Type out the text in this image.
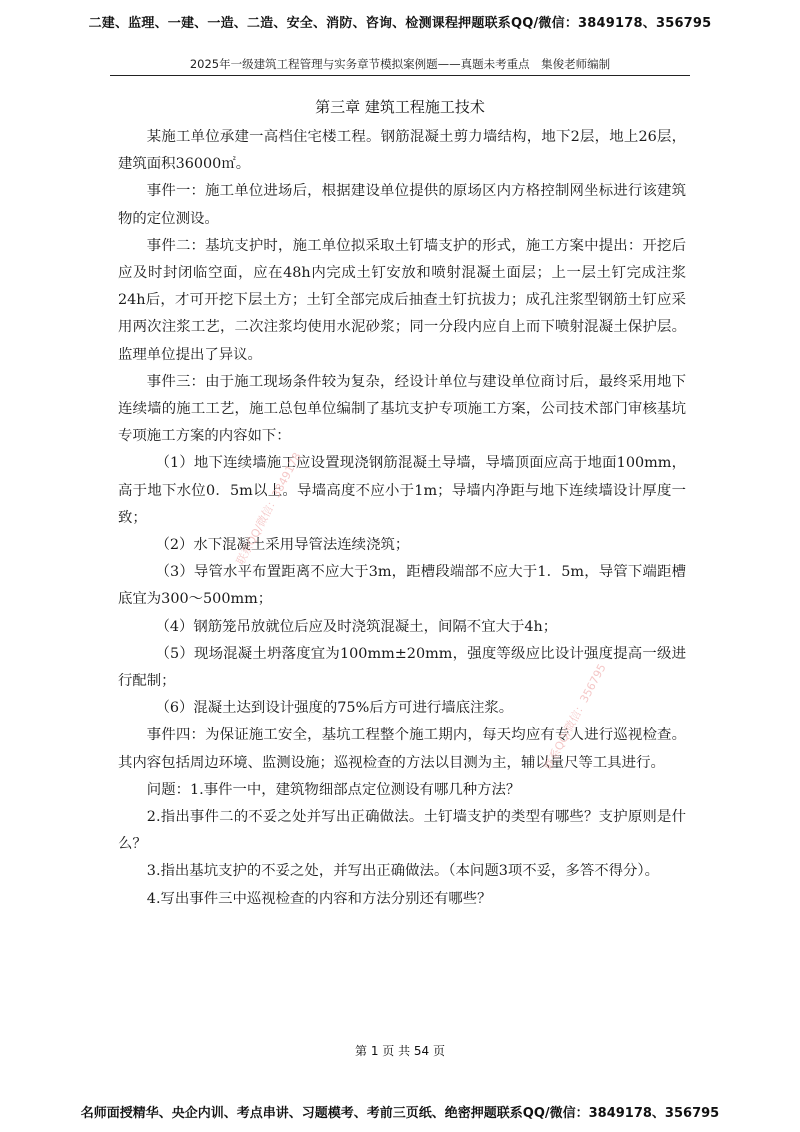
二建、监理、一建、一造、二造、安全、消防、咨询、检测课程押题联系QQ/微信：3849178、356795
2025年一级建筑工程管理与实务章节模拟案例题——真题未考重点　集俊老师编制
第三章 建筑工程施工技术

某施工单位承建一高档住宅楼工程。钢筋混凝土剪力墙结构，地下2层，地上26层，建筑面积36000㎡。

事件一：施工单位进场后，根据建设单位提供的原场区内方格控制网坐标进行该建筑物的定位测设。

事件二：基坑支护时，施工单位拟采取土钉墙支护的形式，施工方案中提出：开挖后应及时封闭临空面，应在48h内完成土钉安放和喷射混凝土面层；上一层土钉完成注浆24h后，才可开挖下层土方；土钉全部完成后抽查土钉抗拔力；成孔注浆型钢筋土钉应采用两次注浆工艺，二次注浆均使用水泥砂浆；同一分段内应自上而下喷射混凝土保护层。监理单位提出了异议。

事件三：由于施工现场条件较为复杂，经设计单位与建设单位商讨后，最终采用地下连续墙的施工工艺，施工总包单位编制了基坑支护专项施工方案，公司技术部门审核基坑专项施工方案的内容如下：

（1）地下连续墙施工应设置现浇钢筋混凝土导墙，导墙顶面应高于地面100mm，高于地下水位0．5m以上。导墙高度不应小于1m；导墙内净距与地下连续墙设计厚度一致；

（2）水下混凝土采用导管法连续浇筑；

（3）导管水平布置距离不应大于3m，距槽段端部不应大于1．5m，导管下端距槽底宜为300～500mm；

（4）钢筋笼吊放就位后应及时浇筑混凝土，间隔不宜大于4h；

（5）现场混凝土坍落度宜为100mm±20mm，强度等级应比设计强度提高一级进行配制；

（6）混凝土达到设计强度的75%后方可进行墙底注浆。

事件四：为保证施工安全，基坑工程整个施工期内，每天均应有专人进行巡视检查。其内容包括周边环境、监测设施；巡视检查的方法以目测为主，辅以量尺等工具进行。

问题：1.事件一中，建筑物细部点定位测设有哪几种方法？

2.指出事件二的不妥之处并写出正确做法。土钉墙支护的类型有哪些？支护原则是什么？

3.指出基坑支护的不妥之处，并写出正确做法。（本问题3项不妥，多答不得分）。

4.写出事件三中巡视检查的内容和方法分别还有哪些？

联系QQ/微信：3849178
联系QQ/微信：356795
第 1 页 共 54 页
名师面授精华、央企内训、考点串讲、习题模考、考前三页纸、绝密押题联系QQ/微信：3849178、356795
